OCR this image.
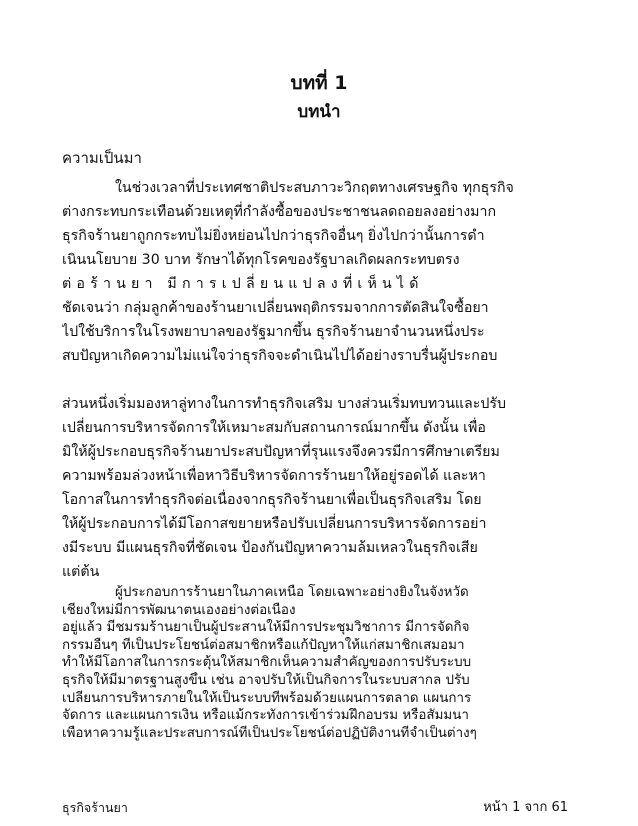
บทที่ 1
บทนำ
ความเป็นมา
ในช่วงเวลาที่ประเทศชาติประสบภาวะวิกฤตทางเศรษฐกิจ ทุกธุรกิจ
ต่างกระทบกระเทือนด้วยเหตุที่กำลังซื้อของประชาชนลดถอยลงอย่างมาก
ธุรกิจร้านยาถูกกระทบไม่ยิ่งหย่อนไปกว่าธุรกิจอื่นๆ ยิ่งไปกว่านั้นการดำ
เนินนโยบาย 30 บาท รักษาได้ทุกโรคของรัฐบาลเกิดผลกระทบตรง
ต่อร้านยา มีการเปลี่ยนแปลงที่เห็นได้
ชัดเจนว่า กลุ่มลูกค้าของร้านยาเปลี่ยนพฤติกรรมจากการตัดสินใจซื้อยา
ไปใช้บริการในโรงพยาบาลของรัฐมากขึ้น ธุรกิจร้านยาจำนวนหนึ่งประ
สบปัญหาเกิดความไม่แน่ใจว่าธุรกิจจะดำเนินไปได้อย่างราบรื่นผู้ประกอบ
ส่วนหนึ่งเริ่มมองหาลู่ทางในการทำธุรกิจเสริม บางส่วนเริ่มทบทวนและปรับ
เปลี่ยนการบริหารจัดการให้เหมาะสมกับสถานการณ์มากขึ้น ดังนั้น เพื่อ
มิให้ผู้ประกอบธุรกิจร้านยาประสบปัญหาที่รุนแรงจึงควรมีการศึกษาเตรียม
ความพร้อมล่วงหน้าเพื่อหาวิธีบริหารจัดการร้านยาให้อยู่รอดได้ และหา
โอกาสในการทำธุรกิจต่อเนื่องจากธุรกิจร้านยาเพื่อเป็นธุรกิจเสริม โดย
ให้ผู้ประกอบการได้มีโอกาสขยายหรือปรับเปลี่ยนการบริหารจัดการอย่า
งมีระบบ มีแผนธุรกิจที่ชัดเจน ป้องกันปัญหาความล้มเหลวในธุรกิจเสีย
แต่ต้น
ผู้ประกอบการร้านยาในภาคเหนือ โดยเฉพาะอย่างยิ่งในจังหวัด
เชียงใหม่มีการพัฒนาตนเองอย่างต่อเนื่อง
อยู่แล้ว มีชมรมร้านยาเป็นผู้ประสานให้มีการประชุมวิชาการ มีการจัดกิจ
กรรมอื่นๆ ที่เป็นประโยชน์ต่อสมาชิกหรือแก้ปัญหาให้แก่สมาชิกเสมอมา
ทำให้มีโอกาสในการกระตุ้นให้สมาชิกเห็นความสำคัญของการปรับระบบ
ธุรกิจให้มีมาตรฐานสูงขึ้น เช่น อาจปรับให้เป็นกิจการในระบบสากล ปรับ
เปลี่ยนการบริหารภายในให้เป็นระบบที่พร้อมด้วยแผนการตลาด แผนการ
จัดการ และแผนการเงิน หรือแม้กระทั่งการเข้าร่วมฝึกอบรม หรือสัมมนา
เพื่อหาความรู้และประสบการณ์ที่เป็นประโยชน์ต่อปฏิบัติงานที่จำเป็นต่างๆ
ธุรกิจร้านยา	หน้า 1 จาก 61
